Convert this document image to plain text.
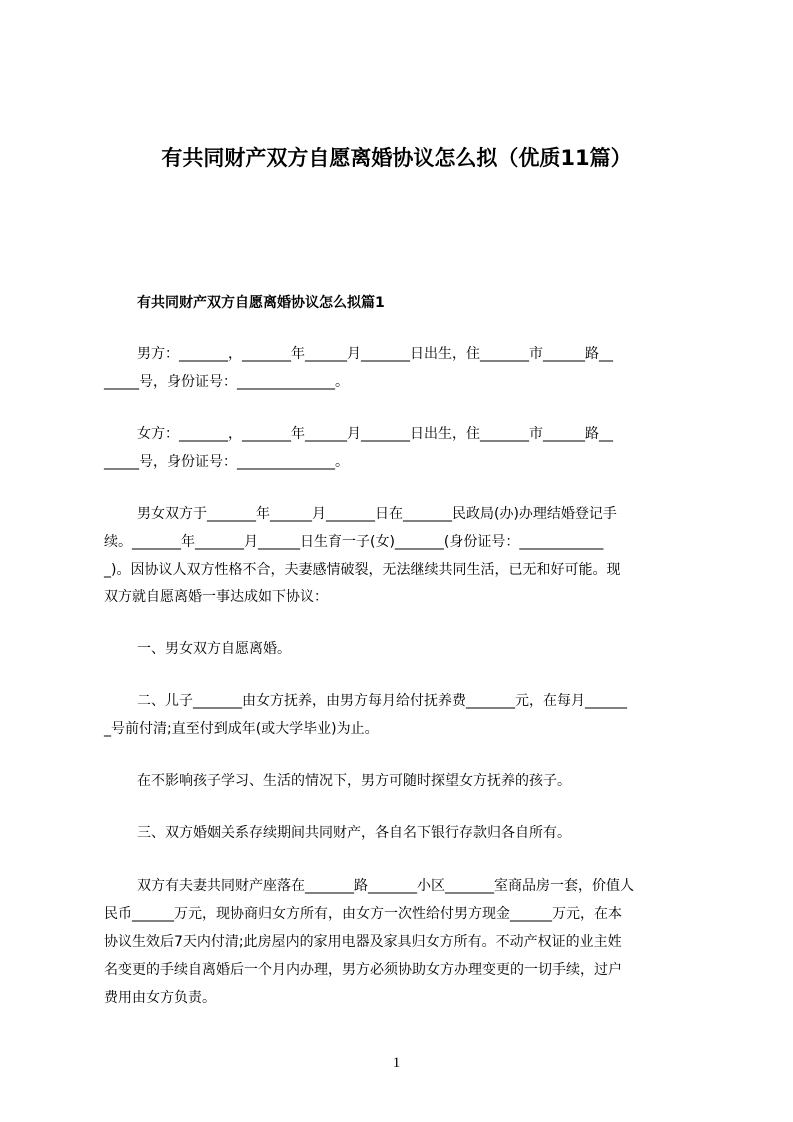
有共同财产双方自愿离婚协议怎么拟（优质11篇）
有共同财产双方自愿离婚协议怎么拟篇1
男方：_______，_______年______月_______日出生，住_______市______路__
_____号，身份证号：______________。
女方：_______，_______年______月_______日出生，住_______市______路__
_____号，身份证号：______________。
男女双方于_______年______月_______日在_______民政局(办)办理结婚登记手
续。_______年_______月______日生育一子(女)_______(身份证号：____________
_)。因协议人双方性格不合，夫妻感情破裂，无法继续共同生活，已无和好可能。现
双方就自愿离婚一事达成如下协议：
一、男女双方自愿离婚。
二、儿子_______由女方抚养，由男方每月给付抚养费_______元，在每月______
_号前付清;直至付到成年(或大学毕业)为止。
在不影响孩子学习、生活的情况下，男方可随时探望女方抚养的孩子。
三、双方婚姻关系存续期间共同财产，各自名下银行存款归各自所有。
双方有夫妻共同财产座落在_______路_______小区_______室商品房一套，价值人
民币______万元，现协商归女方所有，由女方一次性给付男方现金______万元，在本
协议生效后7天内付清;此房屋内的家用电器及家具归女方所有。不动产权证的业主姓
名变更的手续自离婚后一个月内办理，男方必须协助女方办理变更的一切手续，过户
费用由女方负责。
1
